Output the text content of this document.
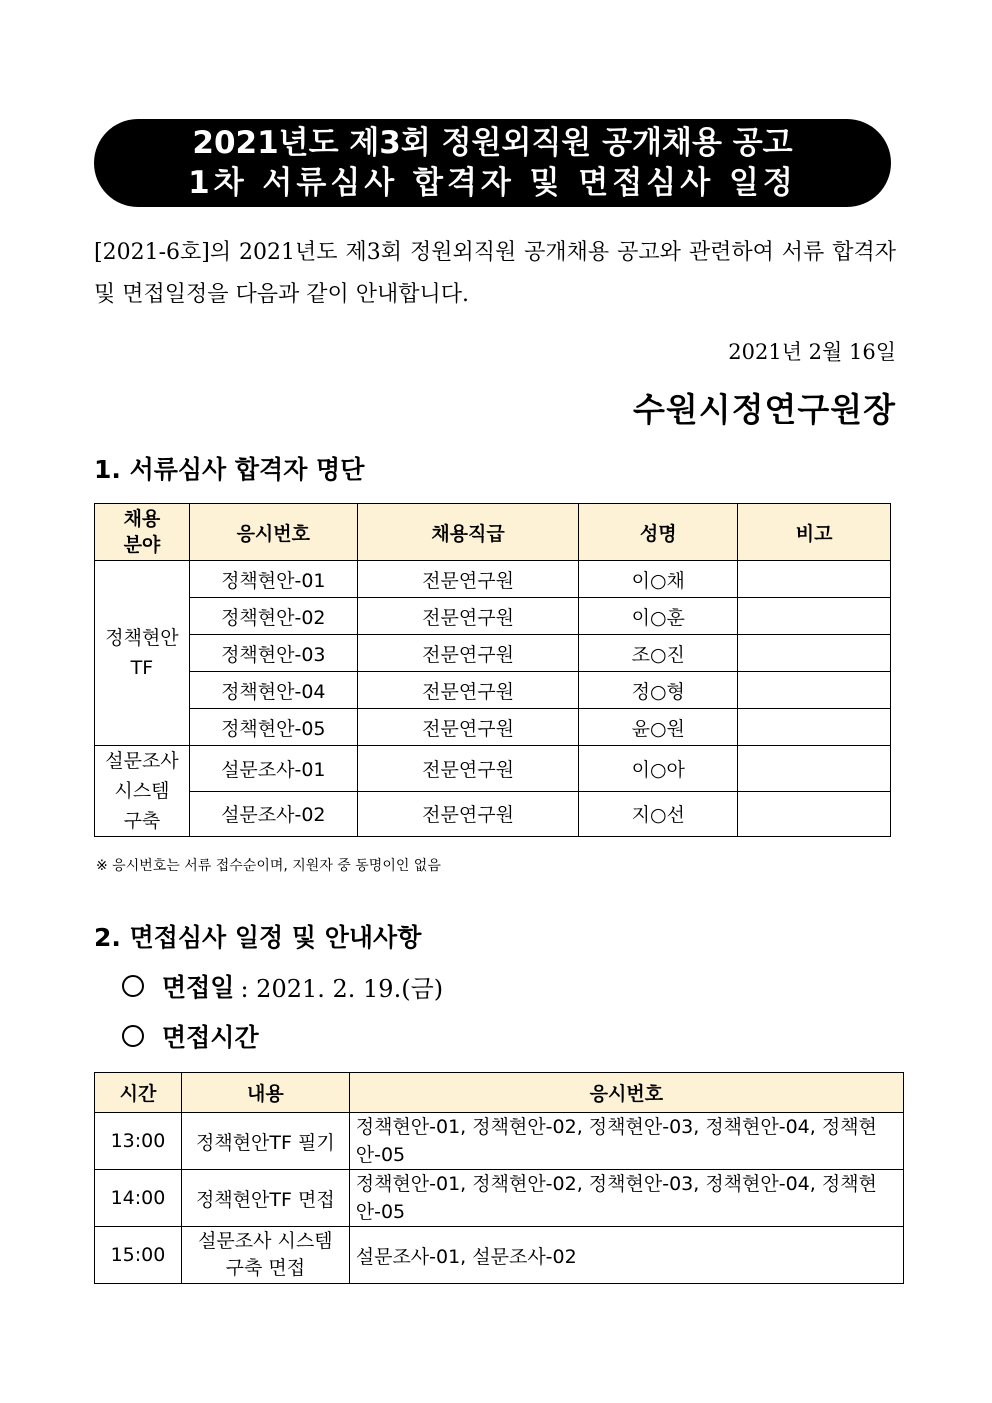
2021년도 제3회 정원외직원 공개채용 공고
1차 서류심사 합격자 및 면접심사 일정
[2021-6호]의 2021년도 제3회 정원외직원 공개채용 공고와 관련하여 서류 합격자 및 면접일정을 다음과 같이 안내합니다.
2021년 2월 16일
수원시정연구원장
1. 서류심사 합격자 명단
채용
분야	응시번호	채용직급	성명	비고
정책현안
TF	정책현안-01	전문연구원	이○채	
	정책현안-02	전문연구원	이○훈	
	정책현안-03	전문연구원	조○진	
	정책현안-04	전문연구원	정○형	
	정책현안-05	전문연구원	윤○원	
설문조사
시스템
구축	설문조사-01	전문연구원	이○아	
	설문조사-02	전문연구원	지○선	
※ 응시번호는 서류 접수순이며, 지원자 중 동명이인 없음
2. 면접심사 일정 및 안내사항
면접일 : 2021. 2. 19.(금)
면접시간
시간	내용	응시번호
13:00	정책현안TF 필기	정책현안-01, 정책현안-02, 정책현안-03, 정책현안-04, 정책현안-05
14:00	정책현안TF 면접	정책현안-01, 정책현안-02, 정책현안-03, 정책현안-04, 정책현안-05
15:00	설문조사 시스템 구축 면접	설문조사-01, 설문조사-02
